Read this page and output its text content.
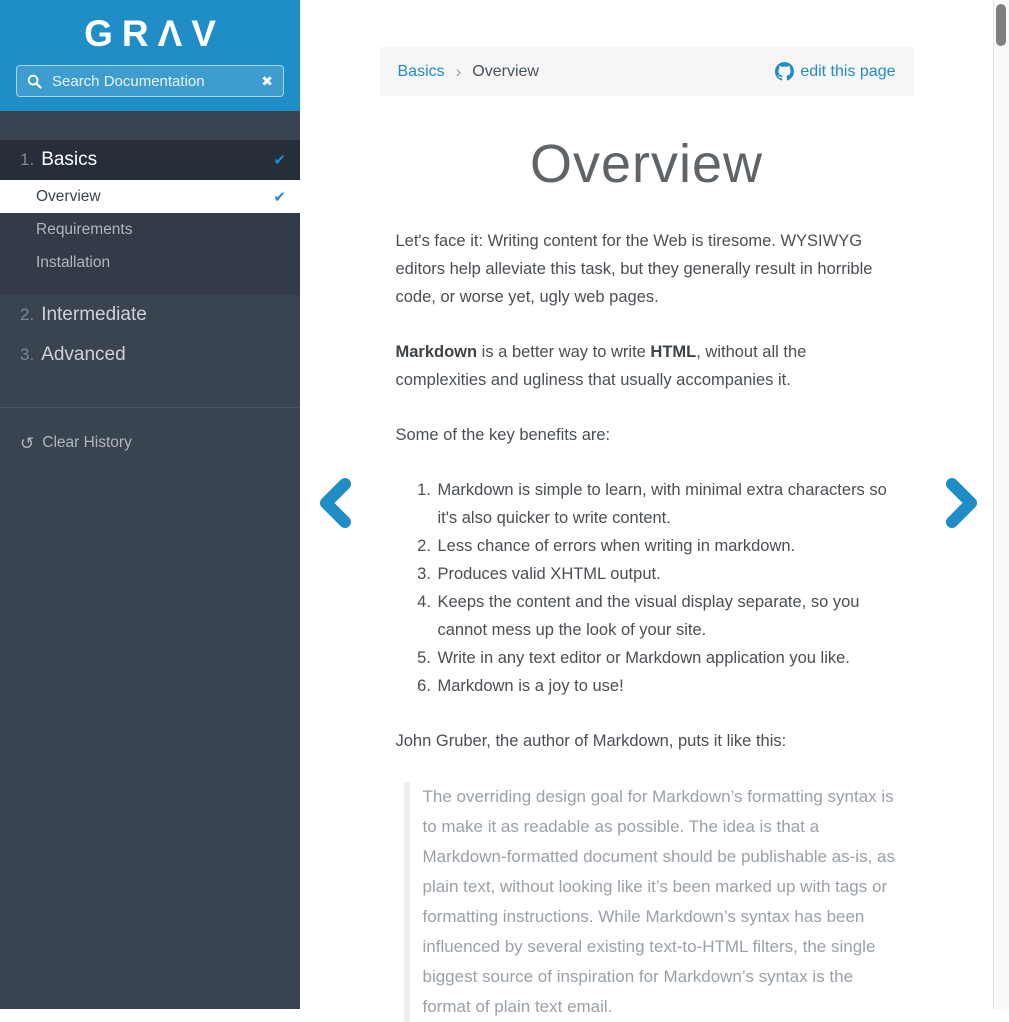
GRΛV
Search Documentation
✖
1. Basics	✔
Overview	✔
Requirements
Installation
2. Intermediate
3. Advanced
↺ Clear History
Basics › Overview	edit this page
Overview

Let's face it: Writing content for the Web is tiresome. WYSIWYG editors help alleviate this task, but they generally result in horrible code, or worse yet, ugly web pages.

Markdown is a better way to write HTML, without all the complexities and ugliness that usually accompanies it.

Some of the key benefits are:

1. Markdown is simple to learn, with minimal extra characters so it's also quicker to write content.
2. Less chance of errors when writing in markdown.
3. Produces valid XHTML output.
4. Keeps the content and the visual display separate, so you cannot mess up the look of your site.
5. Write in any text editor or Markdown application you like.
6. Markdown is a joy to use!

John Gruber, the author of Markdown, puts it like this:

The overriding design goal for Markdown’s formatting syntax is to make it as readable as possible. The idea is that a Markdown-formatted document should be publishable as-is, as plain text, without looking like it’s been marked up with tags or formatting instructions. While Markdown’s syntax has been influenced by several existing text-to-HTML filters, the single biggest source of inspiration for Markdown’s syntax is the format of plain text email.
